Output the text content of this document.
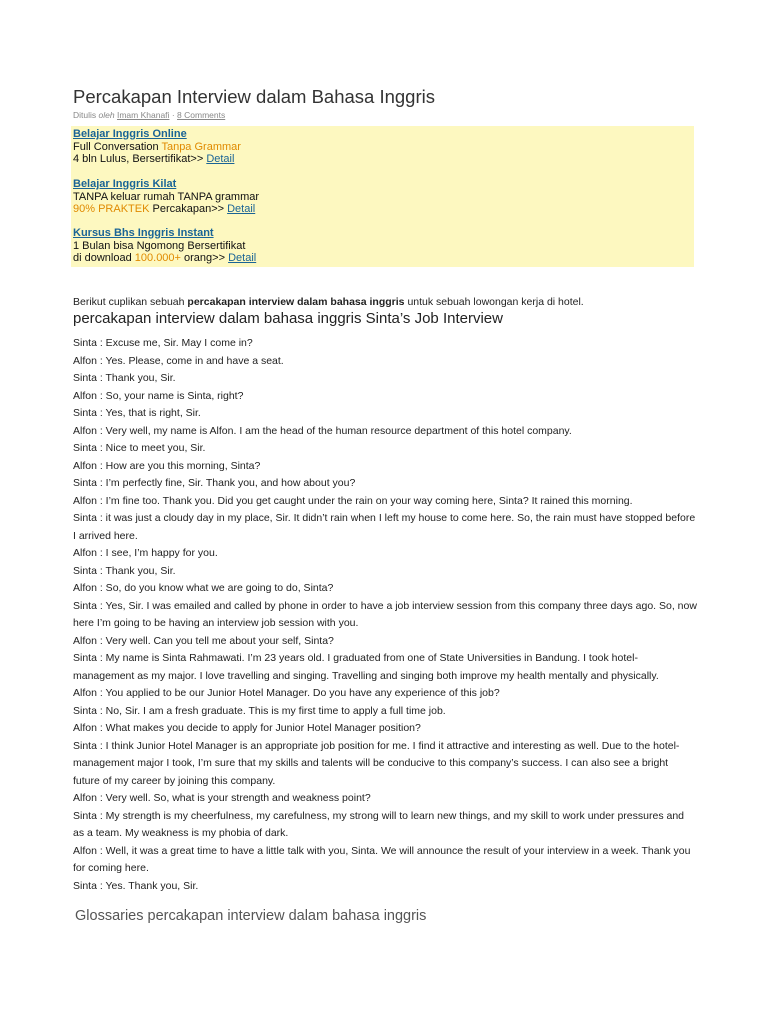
Percakapan Interview dalam Bahasa Inggris
Ditulis oleh Imam Khanafi · 8 Comments
Belajar Inggris Online
Full Conversation Tanpa Grammar
4 bln Lulus, Bersertifikat>> Detail
Belajar Inggris Kilat
TANPA keluar rumah TANPA grammar
90% PRAKTEK Percakapan>> Detail
Kursus Bhs Inggris Instant
1 Bulan bisa Ngomong Bersertifikat
di download 100.000+ orang>> Detail
Berikut cuplikan sebuah percakapan interview dalam bahasa inggris untuk sebuah lowongan kerja di hotel.
percakapan interview dalam bahasa inggris Sinta’s Job Interview
Sinta : Excuse me, Sir. May I come in?
Alfon : Yes. Please, come in and have a seat.
Sinta : Thank you, Sir.
Alfon : So, your name is Sinta, right?
Sinta : Yes, that is right, Sir.
Alfon : Very well, my name is Alfon. I am the head of the human resource department of this hotel company.
Sinta : Nice to meet you, Sir.
Alfon : How are you this morning, Sinta?
Sinta : I’m perfectly fine, Sir. Thank you, and how about you?
Alfon : I’m fine too. Thank you. Did you get caught under the rain on your way coming here, Sinta? It rained this morning.
Sinta : it was just a cloudy day in my place, Sir. It didn’t rain when I left my house to come here. So, the rain must have stopped before I arrived here.
Alfon : I see, I’m happy for you.
Sinta : Thank you, Sir.
Alfon : So, do you know what we are going to do, Sinta?
Sinta : Yes, Sir. I was emailed and called by phone in order to have a job interview session from this company three days ago. So, now here I’m going to be having an interview job session with you.
Alfon : Very well. Can you tell me about your self, Sinta?
Sinta : My name is Sinta Rahmawati. I’m 23 years old. I graduated from one of State Universities in Bandung. I took hotel-management as my major. I love travelling and singing. Travelling and singing both improve my health mentally and physically.
Alfon : You applied to be our Junior Hotel Manager. Do you have any experience of this job?
Sinta : No, Sir. I am a fresh graduate. This is my first time to apply a full time job.
Alfon : What makes you decide to apply for Junior Hotel Manager position?
Sinta : I think Junior Hotel Manager is an appropriate job position for me. I find it attractive and interesting as well. Due to the hotel-management major I took, I’m sure that my skills and talents will be conducive to this company’s success. I can also see a bright future of my career by joining this company.
Alfon : Very well. So, what is your strength and weakness point?
Sinta : My strength is my cheerfulness, my carefulness, my strong will to learn new things, and my skill to work under pressures and as a team. My weakness is my phobia of dark.
Alfon : Well, it was a great time to have a little talk with you, Sinta. We will announce the result of your interview in a week. Thank you for coming here.
Sinta : Yes. Thank you, Sir.
Glossaries percakapan interview dalam bahasa inggris
